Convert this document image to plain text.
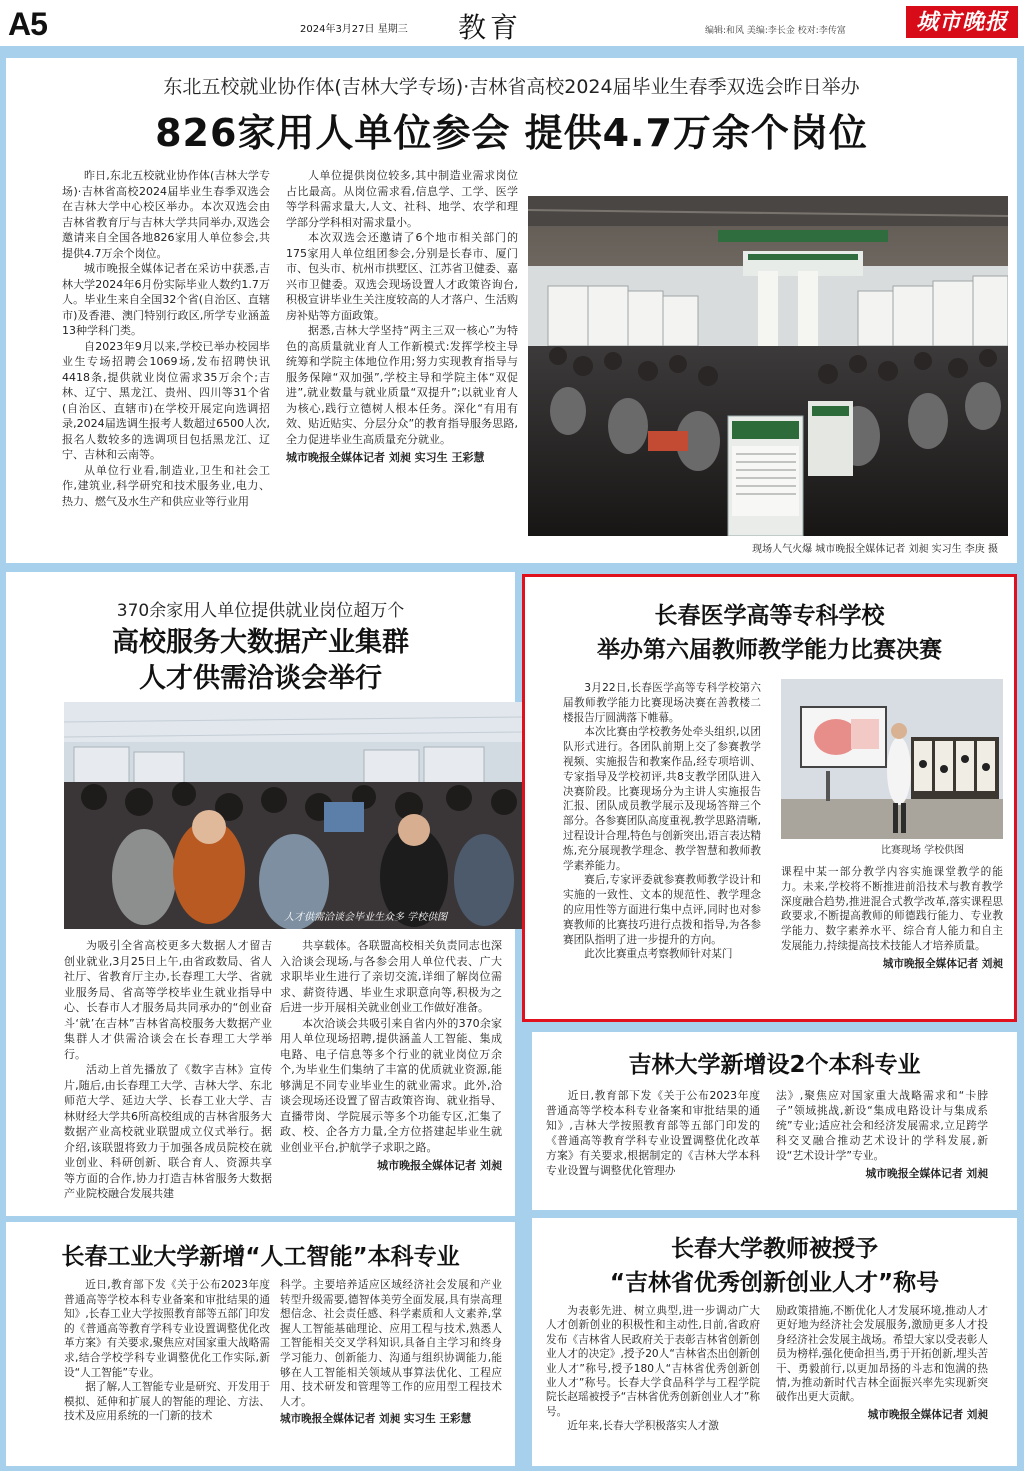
A5	2024年3月27日 星期三 教育	编辑:和风 美编:李长金 校对:李传富	城市晚报
东北五校就业协作体(吉林大学专场)·吉林省高校2024届毕业生春季双选会昨日举办
826家用人单位参会 提供4.7万余个岗位

昨日,东北五校就业协作体(吉林大学专场)·吉林省高校2024届毕业生春季双选会在吉林大学中心校区举办。本次双选会由吉林省教育厅与吉林大学共同举办,双选会邀请来自全国各地826家用人单位参会,共提供4.7万余个岗位。

城市晚报全媒体记者在采访中获悉,吉林大学2024年6月份实际毕业人数约1.7万人。毕业生来自全国32个省(自治区、直辖市)及香港、澳门特别行政区,所学专业涵盖13种学科门类。

自2023年9月以来,学校已举办校园毕业生专场招聘会1069场,发布招聘快讯4418条,提供就业岗位需求35万余个;吉林、辽宁、黑龙江、贵州、四川等31个省(自治区、直辖市)在学校开展定向选调招录,2024届选调生报考人数超过6500人次,报名人数较多的选调项目包括黑龙江、辽宁、吉林和云南等。

从单位行业看,制造业,卫生和社会工作,建筑业,科学研究和技术服务业,电力、热力、燃气及水生产和供应业等行业用

人单位提供岗位较多,其中制造业需求岗位占比最高。从岗位需求看,信息学、工学、医学等学科需求量大,人文、社科、地学、农学和理学部分学科相对需求量小。

本次双选会还邀请了6个地市相关部门的175家用人单位组团参会,分别是长春市、厦门市、包头市、杭州市拱墅区、江苏省卫健委、嘉兴市卫健委。双选会现场设置人才政策咨询台,积极宣讲毕业生关注度较高的人才落户、生活购房补贴等方面政策。

据悉,吉林大学坚持“两主三双一核心”为特色的高质量就业育人工作新模式:发挥学校主导统筹和学院主体地位作用;努力实现教育指导与服务保障“双加强”,学校主导和学院主体“双促进”,就业数量与就业质量“双提升”;以就业育人为核心,践行立德树人根本任务。深化“有用有效、贴近贴实、分层分众”的教育指导服务思路,全力促进毕业生高质量充分就业。

城市晚报全媒体记者 刘昶 实习生 王彩慧

现场人气火爆 城市晚报全媒体记者 刘昶 实习生 李庚 摄
370余家用人单位提供就业岗位超万个
高校服务大数据产业集群
人才供需洽谈会举行
人才供需洽谈会毕业生众多 学校供图

为吸引全省高校更多大数据人才留吉创业就业,3月25日上午,由省政数局、省人社厅、省教育厅主办,长春理工大学、省就业服务局、省高等学校毕业生就业指导中心、长春市人才服务局共同承办的“创业奋斗‘就’在吉林”吉林省高校服务大数据产业集群人才供需洽谈会在长春理工大学举行。

活动上首先播放了《数字吉林》宣传片,随后,由长春理工大学、吉林大学、东北师范大学、延边大学、长春工业大学、吉林财经大学共6所高校组成的吉林省服务大数据产业高校就业联盟成立仪式举行。据介绍,该联盟将致力于加强各成员院校在就业创业、科研创新、联合育人、资源共享等方面的合作,协力打造吉林省服务大数据产业院校融合发展共建

共享载体。各联盟高校相关负责同志也深入洽谈会现场,与各参会用人单位代表、广大求职毕业生进行了亲切交流,详细了解岗位需求、薪资待遇、毕业生求职意向等,积极为之后进一步开展相关就业创业工作做好准备。

本次洽谈会共吸引来自省内外的370余家用人单位现场招聘,提供涵盖人工智能、集成电路、电子信息等多个行业的就业岗位万余个,为毕业生们集纳了丰富的优质就业资源,能够满足不同专业毕业生的就业需求。此外,洽谈会现场还设置了留吉政策咨询、就业指导、直播带岗、学院展示等多个功能专区,汇集了政、校、企各方力量,全方位搭建起毕业生就业创业平台,护航学子求职之路。

城市晚报全媒体记者 刘昶

长春医学高等专科学校
举办第六届教师教学能力比赛决赛

3月22日,长春医学高等专科学校第六届教师教学能力比赛现场决赛在善教楼二楼报告厅圆满落下帷幕。

本次比赛由学校教务处牵头组织,以团队形式进行。各团队前期上交了参赛教学视频、实施报告和教案作品,经专项培训、专家指导及学校初评,共8支教学团队进入决赛阶段。比赛现场分为主讲人实施报告汇报、团队成员教学展示及现场答辩三个部分。各参赛团队高度重视,教学思路清晰,过程设计合理,特色与创新突出,语言表达精炼,充分展现教学理念、教学智慧和教师教学素养能力。

赛后,专家评委就参赛教师教学设计和实施的一致性、文本的规范性、教学理念的应用性等方面进行集中点评,同时也对参赛教师的比赛技巧进行点拨和指导,为各参赛团队指明了进一步提升的方向。

此次比赛重点考察教师针对某门

比赛现场 学校供图

课程中某一部分教学内容实施课堂教学的能力。未来,学校将不断推进前沿技术与教育教学深度融合趋势,推进混合式教学改革,落实课程思政要求,不断提高教师的师德践行能力、专业教学能力、数字素养水平、综合育人能力和自主发展能力,持续提高技术技能人才培养质量。

城市晚报全媒体记者 刘昶

吉林大学新增设2个本科专业

近日,教育部下发《关于公布2023年度普通高等学校本科专业备案和审批结果的通知》,吉林大学按照教育部等五部门印发的《普通高等教育学科专业设置调整优化改革方案》有关要求,根据制定的《吉林大学本科专业设置与调整优化管理办

法》,聚焦应对国家重大战略需求和“卡脖子”领域挑战,新设“集成电路设计与集成系统”专业;适应社会和经济发展需求,立足跨学科交叉融合推动艺术设计的学科发展,新设“艺术设计学”专业。

城市晚报全媒体记者 刘昶

长春工业大学新增“人工智能”本科专业

近日,教育部下发《关于公布2023年度普通高等学校本科专业备案和审批结果的通知》,长春工业大学按照教育部等五部门印发的《普通高等教育学科专业设置调整优化改革方案》有关要求,聚焦应对国家重大战略需求,结合学校学科专业调整优化工作实际,新设“人工智能”专业。

据了解,人工智能专业是研究、开发用于模拟、延伸和扩展人的智能的理论、方法、技术及应用系统的一门新的技术

科学。主要培养适应区域经济社会发展和产业转型升级需要,德智体美劳全面发展,具有崇高理想信念、社会责任感、科学素质和人文素养,掌握人工智能基础理论、应用工程与技术,熟悉人工智能相关交叉学科知识,具备自主学习和终身学习能力、创新能力、沟通与组织协调能力,能够在人工智能相关领域从事算法优化、工程应用、技术研发和管理等工作的应用型工程技术人才。

城市晚报全媒体记者 刘昶 实习生 王彩慧

长春大学教师被授予
“吉林省优秀创新创业人才”称号

为表彰先进、树立典型,进一步调动广大人才创新创业的积极性和主动性,日前,省政府发布《吉林省人民政府关于表彰吉林省创新创业人才的决定》,授予20人“吉林省杰出创新创业人才”称号,授予180人“吉林省优秀创新创业人才”称号。长春大学食品科学与工程学院院长赵瑶被授予“吉林省优秀创新创业人才”称号。

近年来,长春大学积极落实人才激

励政策措施,不断优化人才发展环境,推动人才更好地为经济社会发展服务,激励更多人才投身经济社会发展主战场。希望大家以受表彰人员为榜样,强化使命担当,勇于开拓创新,埋头苦干、勇毅前行,以更加昂扬的斗志和饱满的热情,为推动新时代吉林全面振兴率先实现新突破作出更大贡献。

城市晚报全媒体记者 刘昶
